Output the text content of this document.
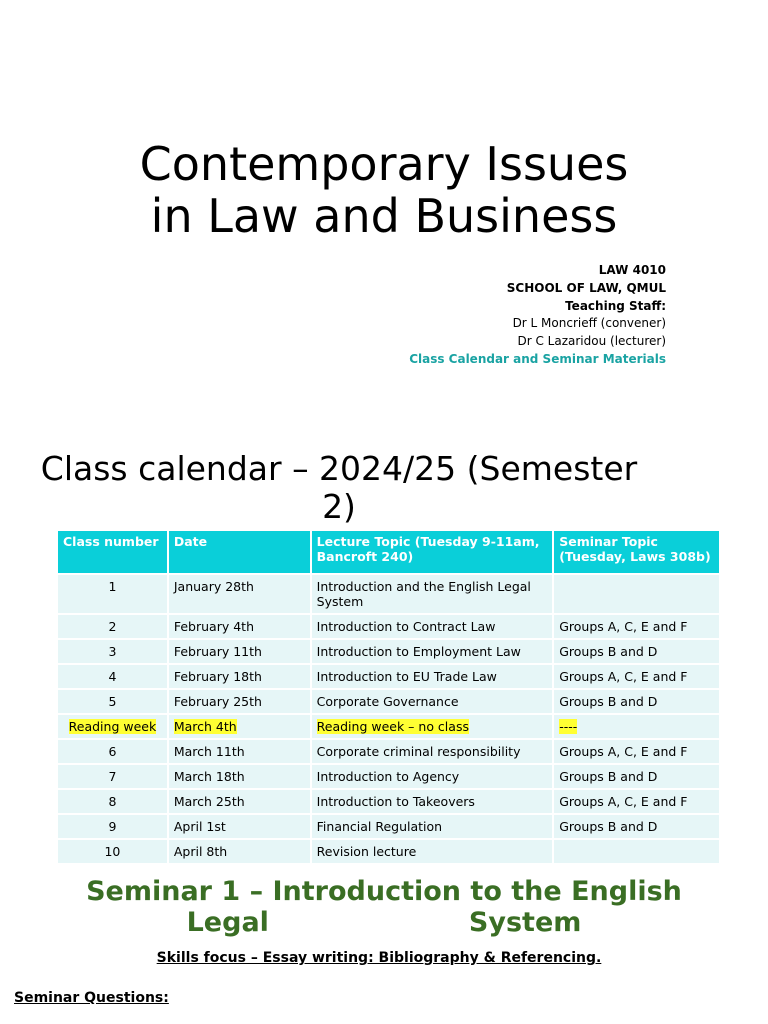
Contemporary Issues
in Law and Business
LAW 4010
SCHOOL OF LAW, QMUL
Teaching Staff:
Dr L Moncrieff (convener)
Dr C Lazaridou (lecturer)
Class Calendar and Seminar Materials
Class calendar – 2024/25 (Semester
2)
Class number	Date	Lecture Topic (Tuesday 9-11am, Bancroft 240)	Seminar Topic (Tuesday, Laws 308b)
1	January 28th	Introduction and the English Legal System	
2	February 4th	Introduction to Contract Law	Groups A, C, E and F
3	February 11th	Introduction to Employment Law	Groups B and D
4	February 18th	Introduction to EU Trade Law	Groups A, C, E and F
5	February 25th	Corporate Governance	Groups B and D
Reading week	March 4th	Reading week – no class	----
6	March 11th	Corporate criminal responsibility	Groups A, C, E and F
7	March 18th	Introduction to Agency	Groups B and D
8	March 25th	Introduction to Takeovers	Groups A, C, E and F
9	April 1st	Financial Regulation	Groups B and D
10	April 8th	Revision lecture	
Seminar 1 – Introduction to the English
Legal	System
Skills focus – Essay writing: Bibliography & Referencing.
Seminar Questions:
